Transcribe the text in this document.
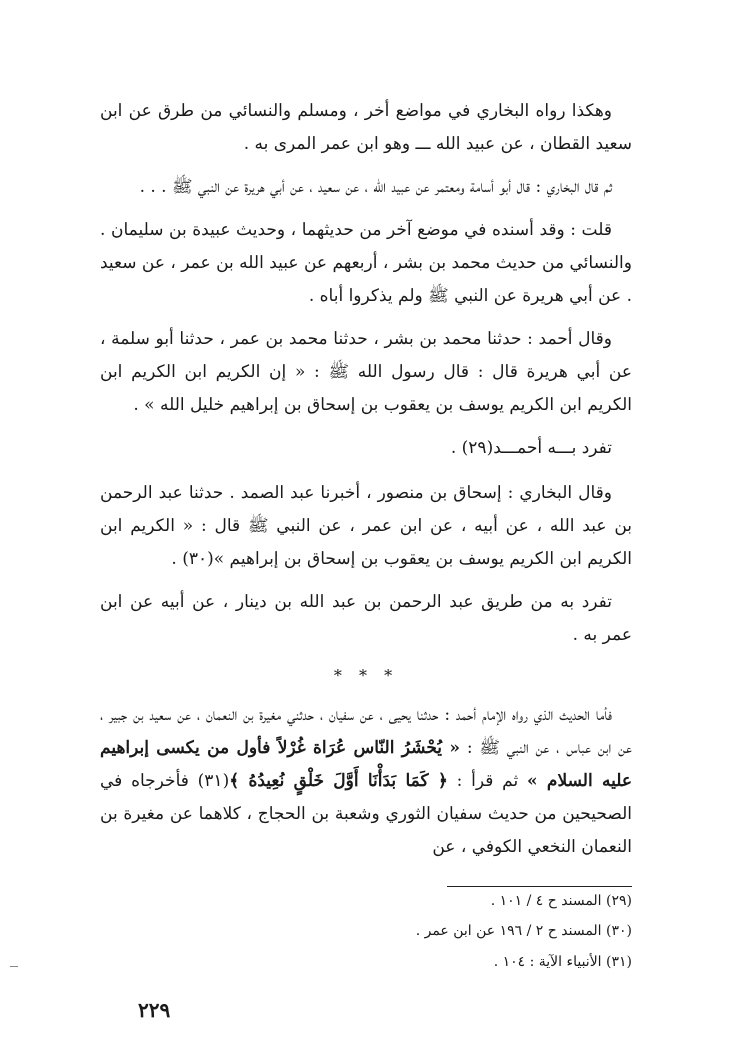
وهكذا رواه البخاري في مواضع أخر ، ومسلم والنسائي من طرق عن ابن سعيد القطان ، عن عبيد الله ـــ وهو ابن عمر المرى به .

ثم قال البخاري : قال أبو أسامة ومعتمر عن عبيد الله ، عن سعيد ، عن أبي هريرة عن النبي ﷺ . . .

قلت : وقد أسنده في موضع آخر من حديثهما ، وحديث عبيدة بن سليمان . والنسائي من حديث محمد بن بشر ، أربعهم عن عبيد الله بن عمر ، عن سعيد . عن أبي هريرة عن النبي ﷺ ولم يذكروا أباه .

وقال أحمد : حدثنا محمد بن بشر ، حدثنا محمد بن عمر ، حدثنا أبو سلمة ، عن أبي هريرة قال : قال رسول الله ﷺ : « إن الكريم ابن الكريم ابن الكريم ابن الكريم يوسف بن يعقوب بن إسحاق بن إبراهيم خليل الله » .

تفرد بـــه أحمـــد(٢٩) .

وقال البخاري : إسحاق بن منصور ، أخبرنا عبد الصمد . حدثنا عبد الرحمن بن عبد الله ، عن أبيه ، عن ابن عمر ، عن النبي ﷺ قال : « الكريم ابن الكريم ابن الكريم يوسف بن يعقوب بن إسحاق بن إبراهيم »(٣٠) .

تفرد به من طريق عبد الرحمن بن عبد الله بن دينار ، عن أبيه عن ابن عمر به .

* * *

فأما الحديث الذي رواه الإمام أحمد : حدثنا يحيى ، عن سفيان ، حدثني مغيرة بن النعمان ، عن سعيد بن جبير ، عن ابن عباس ، عن النبي ﷺ : « يُحْشَرُ النّاس عُرَاة غُرْلاً فأول من يكسى إبراهيم عليه السلام » ثم قرأ : ﴿ كَمَا بَدَأْنَا أَوَّلَ خَلْقٍ نُعِيدُهُ ﴾(٣١) فأخرجاه في الصحيحين من حديث سفيان الثوري وشعبة بن الحجاج ، كلاهما عن مغيرة بن النعمان النخعي الكوفي ، عن

(٢٩) المسند ح ٤ / ١٠١ .
(٣٠) المسند ح ٢ / ١٩٦ عن ابن عمر .
(٣١) الأنبياء الآية : ١٠٤ .
٢٢٩
